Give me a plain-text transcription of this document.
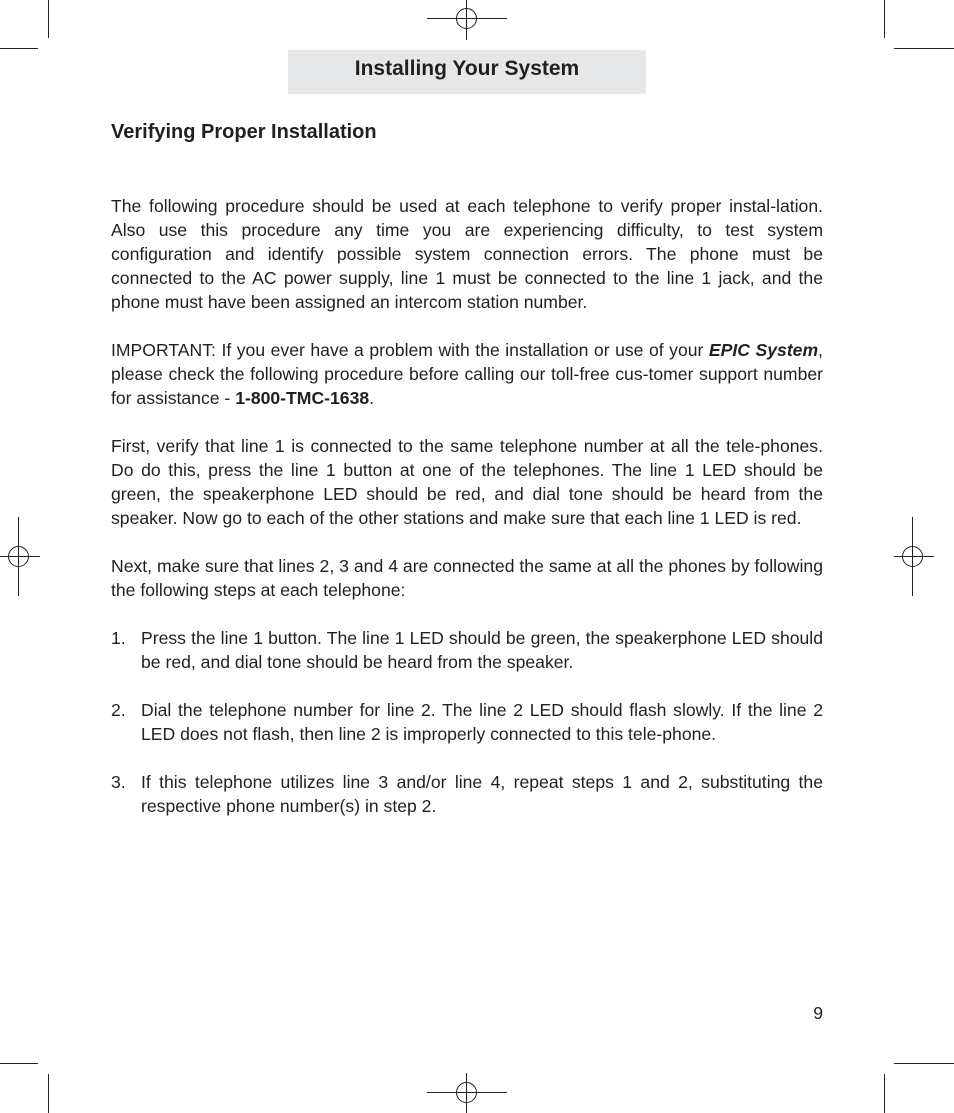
Installing Your System
Verifying Proper Installation

The following procedure should be used at each telephone to verify proper instal-lation. Also use this procedure any time you are experiencing difficulty, to test system configuration and identify possible system connection errors. The phone must be connected to the AC power supply, line 1 must be connected to the line 1 jack, and the phone must have been assigned an intercom station number.

IMPORTANT: If you ever have a problem with the installation or use of your EPIC System, please check the following procedure before calling our toll-free cus-tomer support number for assistance - 1-800-TMC-1638.

First, verify that line 1 is connected to the same telephone number at all the tele-phones. Do do this, press the line 1 button at one of the telephones. The line 1 LED should be green, the speakerphone LED should be red, and dial tone should be heard from the speaker. Now go to each of the other stations and make sure that each line 1 LED is red.

Next, make sure that lines 2, 3 and 4 are connected the same at all the phones by following the following steps at each telephone:

1. Press the line 1 button. The line 1 LED should be green, the speakerphone LED should be red, and dial tone should be heard from the speaker.
2. Dial the telephone number for line 2. The line 2 LED should flash slowly. If the line 2 LED does not flash, then line 2 is improperly connected to this tele-phone.
3. If this telephone utilizes line 3 and/or line 4, repeat steps 1 and 2, substituting the respective phone number(s) in step 2.
9
